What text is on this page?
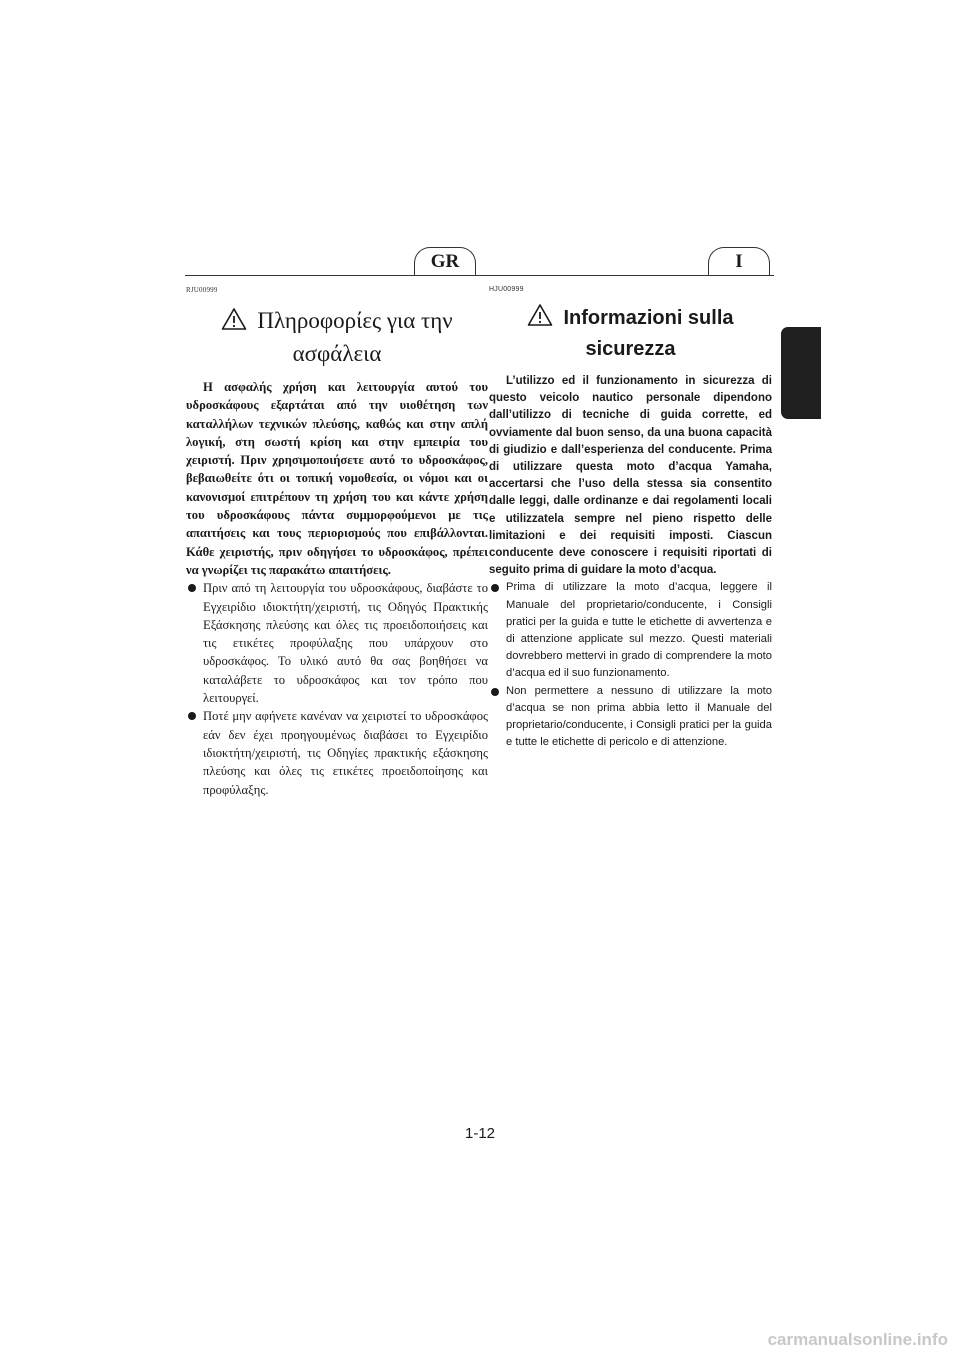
GR	I
RJU00999
Πληροφορίες για την
ασφάλεια
Η ασφαλής χρήση και λειτουργία αυτού του υδροσκάφους εξαρτάται από την υιοθέτηση των καταλλήλων τεχνικών πλεύσης, καθώς και στην απλή λογική, στη σωστή κρίση και στην εμπειρία του χειριστή. Πριν χρησιμοποιήσετε αυτό το υδροσκάφος, βεβαιωθείτε ότι οι τοπική νομοθεσία, οι νόμοι και οι κανονισμοί επιτρέπουν τη χρήση του και κάντε χρήση του υδροσκάφους πάντα συμμορφούμενοι με τις απαιτήσεις και τους περιορισμούς που επιβάλλονται. Κάθε χειριστής, πριν οδηγήσει το υδροσκάφος, πρέπει να γνωρίζει τις παρακάτω απαιτήσεις.
Πριν από τη λειτουργία του υδροσκάφους, διαβάστε το Εγχειρίδιο ιδιοκτήτη/χειριστή, τις Οδηγός Πρακτικής Εξάσκησης πλεύσης και όλες τις προειδοποιήσεις και τις ετικέτες προφύλαξης που υπάρχουν στο υδροσκάφος. Το υλικό αυτό θα σας βοηθήσει να καταλάβετε το υδροσκάφος και τον τρόπο που λειτουργεί.
Ποτέ μην αφήνετε κανέναν να χειριστεί το υδροσκάφος εάν δεν έχει προηγουμένως διαβάσει το Εγχειρίδιο ιδιοκτήτη/χειριστή, τις Οδηγίες πρακτικής εξάσκησης πλεύσης και όλες τις ετικέτες προειδοποίησης και προφύλαξης.
HJU00999
Informazioni sulla
sicurezza
L’utilizzo ed il funzionamento in sicurezza di questo veicolo nautico personale dipendono dall’utilizzo di tecniche di guida corrette, ed ovviamente dal buon senso, da una buona capacità di giudizio e dall’esperienza del conducente. Prima di utilizzare questa moto d’acqua Yamaha, accertarsi che l’uso della stessa sia consentito dalle leggi, dalle ordinanze e dai regolamenti locali e utilizzatela sempre nel pieno rispetto delle limitazioni e dei requisiti imposti. Ciascun conducente deve conoscere i requisiti riportati di seguito prima di guidare la moto d’acqua.
Prima di utilizzare la moto d’acqua, leggere il Manuale del proprietario/conducente, i Consigli pratici per la guida e tutte le etichette di avvertenza e di attenzione applicate sul mezzo. Questi materiali dovrebbero mettervi in grado di comprendere la moto d’acqua ed il suo funzionamento.
Non permettere a nessuno di utilizzare la moto d’acqua se non prima abbia letto il Manuale del proprietario/conducente, i Consigli pratici per la guida e tutte le etichette di pericolo e di attenzione.
1-12
carmanualsonline.info
